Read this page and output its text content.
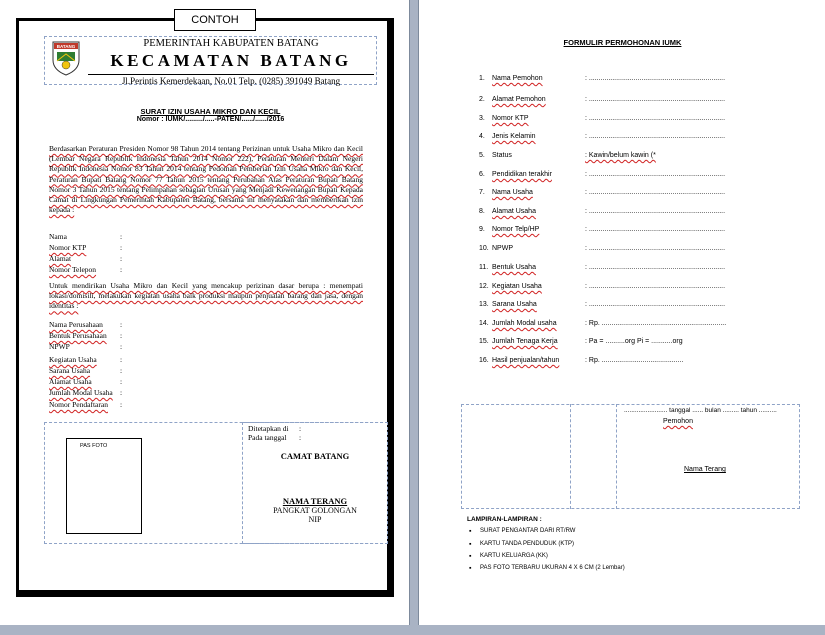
CONTOH
BATANG	PEMERINTAH KABUPATEN BATANG
KECAMATAN BATANG
Jl.Perintis Kemerdekaan, No.01 Telp. (0285) 391049 Batang
SURAT IZIN USAHA MIKRO DAN KECIL
Nomor : IUMK/........./.....-PATEN/....../....../2016
Berdasarkan Peraturan Presiden Nomor 98 Tahun 2014 tentang Perizinan untuk Usaha Mikro dan Kecil (Lembar Negara Republik Indonesia Tahun 2014 Nomor 222), Peraturan Menteri Dalam Negeri Republik Indonesia Nomor 83 Tahun 2014 tentang Pedoman Pemberian Izin Usaha Mikro dan Kecil, Peraturan Bupati Batang Nomor 77 Tahun 2015 tentang Perubahan Atas Peraturan Bupati Batang Nomor 3 Tahun 2015 tentang Pelimpahan sebagian Urusan yang Menjadi Kewenangan Bupati Kepada Camat di Lingkungan Pemerintah Kabupaten Batang, bersama ini menyatakan dan memberikan izin kepada :
Nama	:
Nomor KTP	:
Alamat	:
Nomor Telepon	:
Untuk mendirikan Usaha Mikro dan Kecil yang mencakup perizinan dasar berupa : menempati lokasi/domisili, melakukan kegiatan usaha baik produksi maupun penjualan barang dan jasa, dengan identitas :
Nama Perusahaan :
Bentuk Perusahaan :
NPWP	:
Kegiatan Usaha	:
Sarana Usaha	:
Alamat Usaha	:
Jumlah Modal Usaha :
Nomor Pendaftaran :
PAS FOTO
Ditetapkan di :
Pada tanggal :
CAMAT BATANG
NAMA TERANG
PANGKAT GOLONGAN
NIP
FORMULIR PERMOHONAN IUMK
1. Nama Pemohon	: ......................................................................
2. Alamat Pemohon	: ......................................................................
3. Nomor KTP	: ......................................................................
4. Jenis Kelamin	: ......................................................................
5. Status	: Kawin/belum kawin (*
6. Pendidikan terakhir	: ......................................................................
7. Nama Usaha	: ......................................................................
8. Alamat Usaha	: ......................................................................
9. Nomor Telp/HP	: ......................................................................
10. NPWP	: ......................................................................
11. Bentuk Usaha	: ......................................................................
12. Kegiatan Usaha	: ......................................................................
13. Sarana Usaha	: ......................................................................
14. Jumlah Modal usaha	: Rp. ................................................................
15. Jumlah Tenaga Kerja	: Pa = ..........org Pi = ...........org
16. Hasil penjualan/tahun	: Rp. ..........................................
........................ tanggal ...... bulan ......... tahun ..........
Pemohon
Nama Terang
LAMPIRAN-LAMPIRAN :
▪ SURAT PENGANTAR DARI RT/RW
▪ KARTU TANDA PENDUDUK (KTP)
▪ KARTU KELUARGA (KK)
▪ PAS FOTO TERBARU UKURAN 4 X 6 CM (2 Lembar)
